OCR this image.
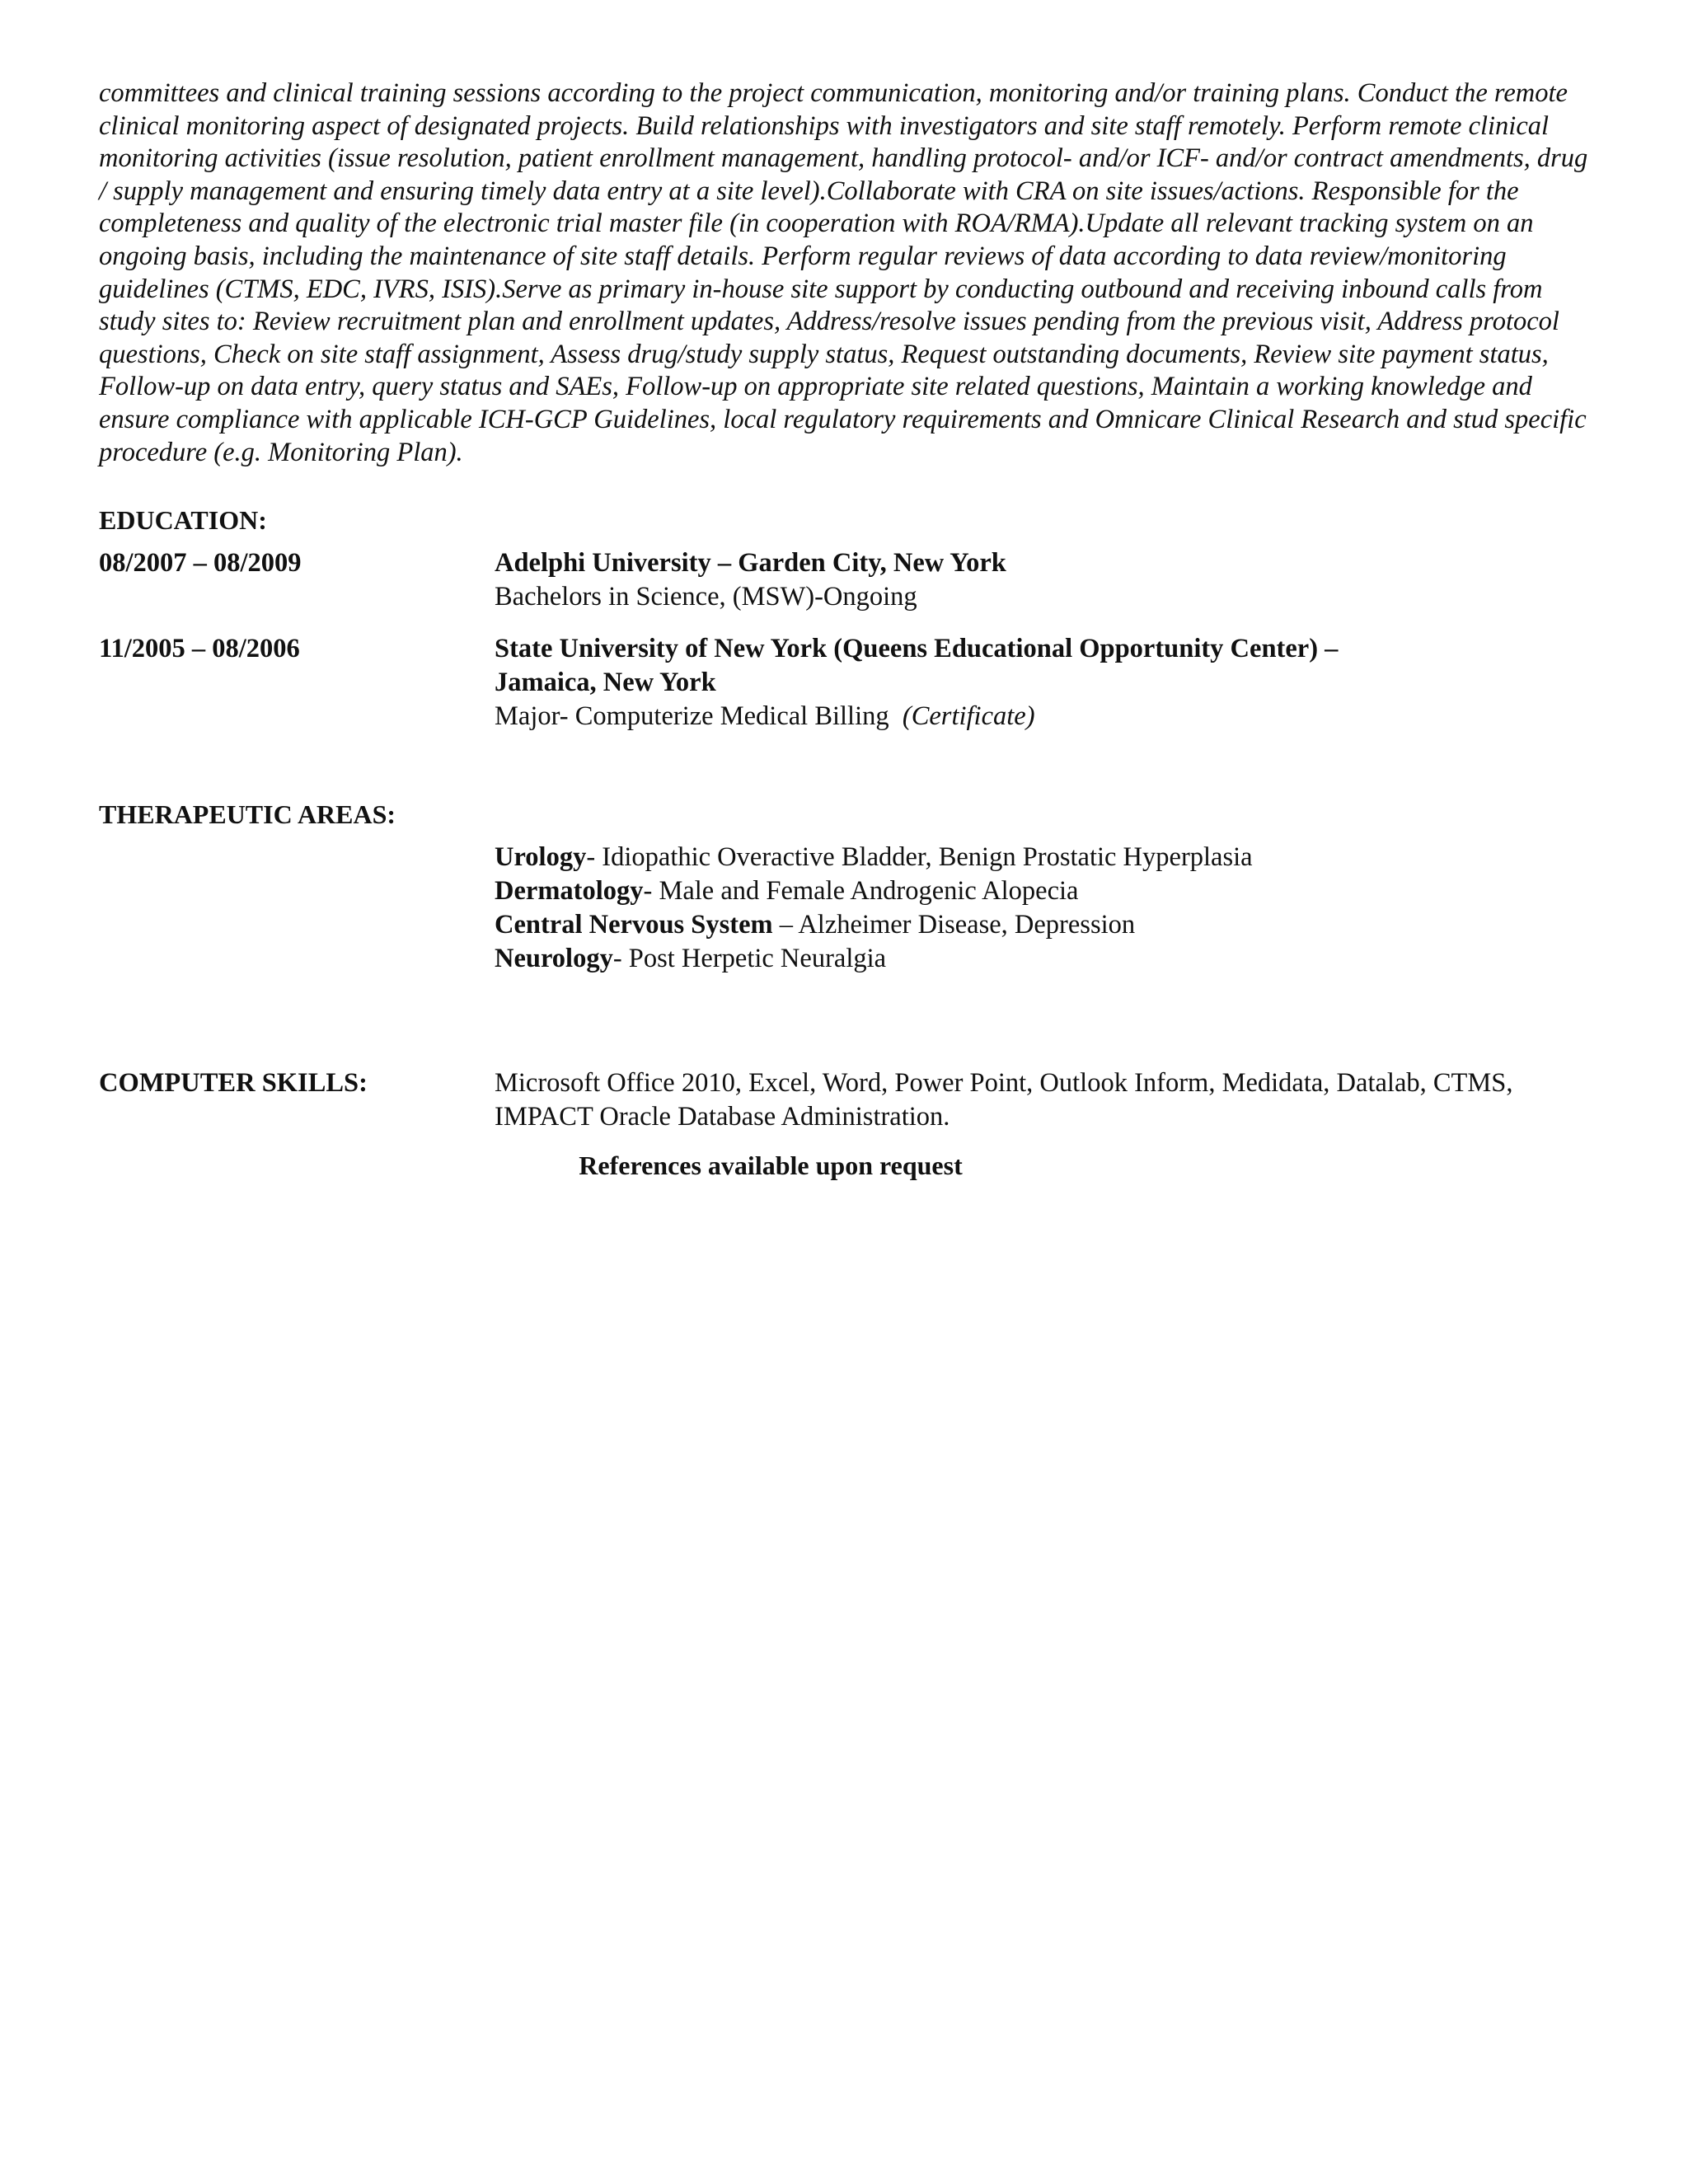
committees and clinical training sessions according to the project communication, monitoring and/or training plans. Conduct the remote clinical monitoring aspect of designated projects. Build relationships with investigators and site staff remotely. Perform remote clinical monitoring activities (issue resolution, patient enrollment management, handling protocol- and/or ICF- and/or contract amendments, drug / supply management and ensuring timely data entry at a site level).Collaborate with CRA on site issues/actions. Responsible for the completeness and quality of the electronic trial master file (in cooperation with ROA/RMA).Update all relevant tracking system on an ongoing basis, including the maintenance of site staff details. Perform regular reviews of data according to data review/monitoring guidelines (CTMS, EDC, IVRS, ISIS).Serve as primary in-house site support by conducting outbound and receiving inbound calls from study sites to: Review recruitment plan and enrollment updates, Address/resolve issues pending from the previous visit, Address protocol questions, Check on site staff assignment, Assess drug/study supply status, Request outstanding documents, Review site payment status, Follow-up on data entry, query status and SAEs, Follow-up on appropriate site related questions, Maintain a working knowledge and ensure compliance with applicable ICH-GCP Guidelines, local regulatory requirements and Omnicare Clinical Research and stud specific procedure (e.g. Monitoring Plan).

EDUCATION:

08/2007 – 08/2009	Adelphi University – Garden City, New York
Bachelors in Science, (MSW)-Ongoing
11/2005 – 08/2006	State University of New York (Queens Educational Opportunity Center) – Jamaica, New York
Major- Computerize Medical Billing (Certificate)

THERAPEUTIC AREAS:

Urology- Idiopathic Overactive Bladder, Benign Prostatic Hyperplasia
Dermatology- Male and Female Androgenic Alopecia
Central Nervous System – Alzheimer Disease, Depression
Neurology- Post Herpetic Neuralgia
COMPUTER SKILLS:	Microsoft Office 2010, Excel, Word, Power Point, Outlook Inform, Medidata, Datalab, CTMS, IMPACT Oracle Database Administration.

References available upon request
